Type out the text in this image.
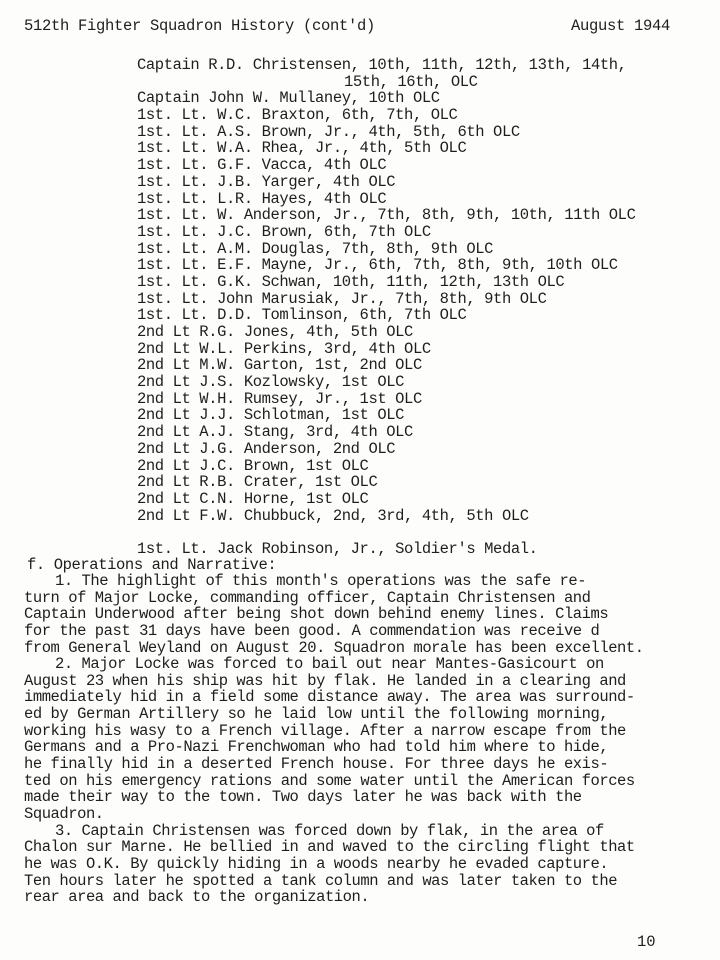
512th Fighter Squadron History (cont'd)	August 1944
Captain R.D. Christensen, 10th, 11th, 12th, 13th, 14th,
15th, 16th, OLC
Captain John W. Mullaney, 10th OLC
1st. Lt. W.C. Braxton, 6th, 7th, OLC
1st. Lt. A.S. Brown, Jr., 4th, 5th, 6th OLC
1st. Lt. W.A. Rhea, Jr., 4th, 5th OLC
1st. Lt. G.F. Vacca, 4th OLC
1st. Lt. J.B. Yarger, 4th OLC
1st. Lt. L.R. Hayes, 4th OLC
1st. Lt. W. Anderson, Jr., 7th, 8th, 9th, 10th, 11th OLC
1st. Lt. J.C. Brown, 6th, 7th OLC
1st. Lt. A.M. Douglas, 7th, 8th, 9th OLC
1st. Lt. E.F. Mayne, Jr., 6th, 7th, 8th, 9th, 10th OLC
1st. Lt. G.K. Schwan, 10th, 11th, 12th, 13th OLC
1st. Lt. John Marusiak, Jr., 7th, 8th, 9th OLC
1st. Lt. D.D. Tomlinson, 6th, 7th OLC
2nd Lt R.G. Jones, 4th, 5th OLC
2nd Lt W.L. Perkins, 3rd, 4th OLC
2nd Lt M.W. Garton, 1st, 2nd OLC
2nd Lt J.S. Kozlowsky, 1st OLC
2nd Lt W.H. Rumsey, Jr., 1st OLC
2nd Lt J.J. Schlotman, 1st OLC
2nd Lt A.J. Stang, 3rd, 4th OLC
2nd Lt J.G. Anderson, 2nd OLC
2nd Lt J.C. Brown, 1st OLC
2nd Lt R.B. Crater, 1st OLC
2nd Lt C.N. Horne, 1st OLC
2nd Lt F.W. Chubbuck, 2nd, 3rd, 4th, 5th OLC
1st. Lt. Jack Robinson, Jr., Soldier's Medal.
f. Operations and Narrative:
1. The highlight of this month's operations was the safe re-
turn of Major Locke, commanding officer, Captain Christensen and
Captain Underwood after being shot down behind enemy lines. Claims
for the past 31 days have been good. A commendation was receive d
from General Weyland on August 20. Squadron morale has been excellent.
2. Major Locke was forced to bail out near Mantes-Gasicourt on
August 23 when his ship was hit by flak. He landed in a clearing and
immediately hid in a field some distance away. The area was surround-
ed by German Artillery so he laid low until the following morning,
working his wasy to a French village. After a narrow escape from the
Germans and a Pro-Nazi Frenchwoman who had told him where to hide,
he finally hid in a deserted French house. For three days he exis-
ted on his emergency rations and some water until the American forces
made their way to the town. Two days later he was back with the
Squadron.
3. Captain Christensen was forced down by flak, in the area of
Chalon sur Marne. He bellied in and waved to the circling flight that
he was O.K. By quickly hiding in a woods nearby he evaded capture.
Ten hours later he spotted a tank column and was later taken to the
rear area and back to the organization.
10
